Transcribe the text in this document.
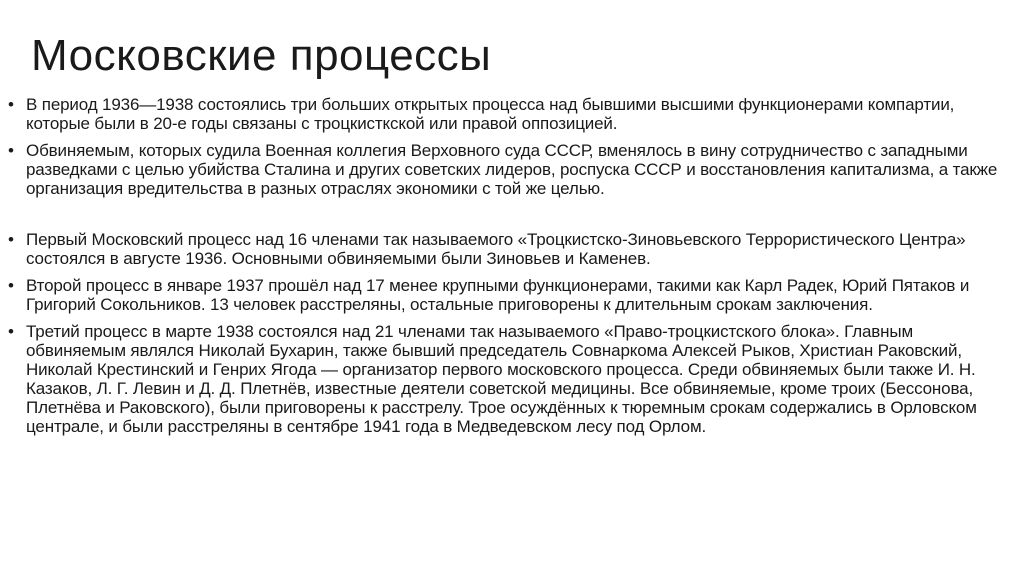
Московские процессы
• В период 1936—1938 состоялись три больших открытых процесса над бывшими высшими функционерами компартии, которые были в 20-е годы связаны с троцкисткской или правой оппозицией.
• Обвиняемым, которых судила Военная коллегия Верховного суда СССР, вменялось в вину сотрудничество с западными разведками с целью убийства Сталина и других советских лидеров, роспуска СССР и восстановления капитализма, а также организация вредительства в разных отраслях экономики с той же целью.
• Первый Московский процесс над 16 членами так называемого «Троцкистско-Зиновьевского Террористического Центра» состоялся в августе 1936. Основными обвиняемыми были Зиновьев и Каменев.
• Второй процесс в январе 1937 прошёл над 17 менее крупными функционерами, такими как Карл Радек, Юрий Пятаков и Григорий Сокольников. 13 человек расстреляны, остальные приговорены к длительным срокам заключения.
• Третий процесс в марте 1938 состоялся над 21 членами так называемого «Право-троцкистского блока». Главным обвиняемым являлся Николай Бухарин, также бывший председатель Совнаркома Алексей Рыков, Христиан Раковский, Николай Крестинский и Генрих Ягода — организатор первого московского процесса. Среди обвиняемых были также И. Н. Казаков, Л. Г. Левин и Д. Д. Плетнёв, известные деятели советской медицины. Все обвиняемые, кроме троих (Бессонова, Плетнёва и Раковского), были приговорены к расстрелу. Трое осуждённых к тюремным срокам содержались в Орловском централе, и были расстреляны в сентябре 1941 года в Медведевском лесу под Орлом.
